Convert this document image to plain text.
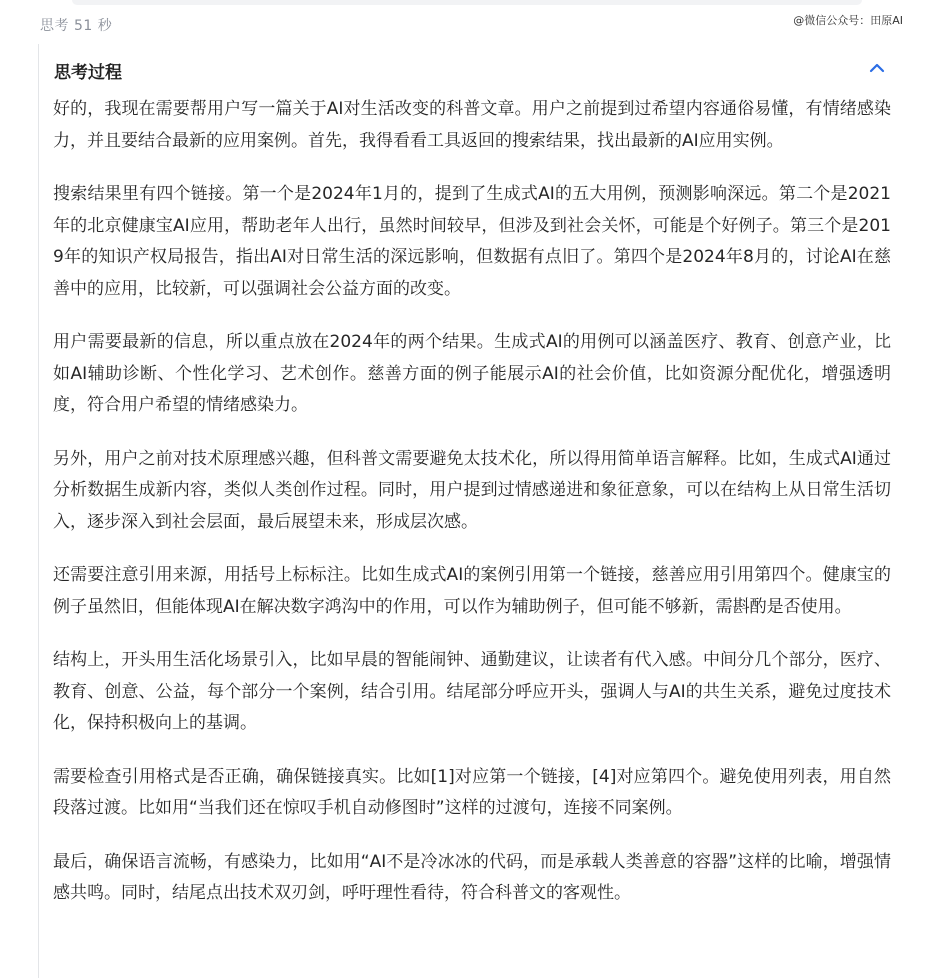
思考 51 秒	@微信公众号：田原AI
思考过程

好的，我现在需要帮用户写一篇关于AI对生活改变的科普文章。用户之前提到过希望内容通俗易懂，有情绪感染力，并且要结合最新的应用案例。首先，我得看看工具返回的搜索结果，找出最新的AI应用实例。

搜索结果里有四个链接。第一个是2024年1月的，提到了生成式AI的五大用例，预测影响深远。第二个是2021年的北京健康宝AI应用，帮助老年人出行，虽然时间较早，但涉及到社会关怀，可能是个好例子。第三个是2019年的知识产权局报告，指出AI对日常生活的深远影响，但数据有点旧了。第四个是2024年8月的，讨论AI在慈善中的应用，比较新，可以强调社会公益方面的改变。

用户需要最新的信息，所以重点放在2024年的两个结果。生成式AI的用例可以涵盖医疗、教育、创意产业，比如AI辅助诊断、个性化学习、艺术创作。慈善方面的例子能展示AI的社会价值，比如资源分配优化，增强透明度，符合用户希望的情绪感染力。

另外，用户之前对技术原理感兴趣，但科普文需要避免太技术化，所以得用简单语言解释。比如，生成式AI通过分析数据生成新内容，类似人类创作过程。同时，用户提到过情感递进和象征意象，可以在结构上从日常生活切入，逐步深入到社会层面，最后展望未来，形成层次感。

还需要注意引用来源，用括号上标标注。比如生成式AI的案例引用第一个链接，慈善应用引用第四个。健康宝的例子虽然旧，但能体现AI在解决数字鸿沟中的作用，可以作为辅助例子，但可能不够新，需斟酌是否使用。

结构上，开头用生活化场景引入，比如早晨的智能闹钟、通勤建议，让读者有代入感。中间分几个部分，医疗、教育、创意、公益，每个部分一个案例，结合引用。结尾部分呼应开头，强调人与AI的共生关系，避免过度技术化，保持积极向上的基调。

需要检查引用格式是否正确，确保链接真实。比如[1]对应第一个链接，[4]对应第四个。避免使用列表，用自然段落过渡。比如用“当我们还在惊叹手机自动修图时”这样的过渡句，连接不同案例。

最后，确保语言流畅，有感染力，比如用“AI不是冷冰冰的代码，而是承载人类善意的容器”这样的比喻，增强情感共鸣。同时，结尾点出技术双刃剑，呼吁理性看待，符合科普文的客观性。
